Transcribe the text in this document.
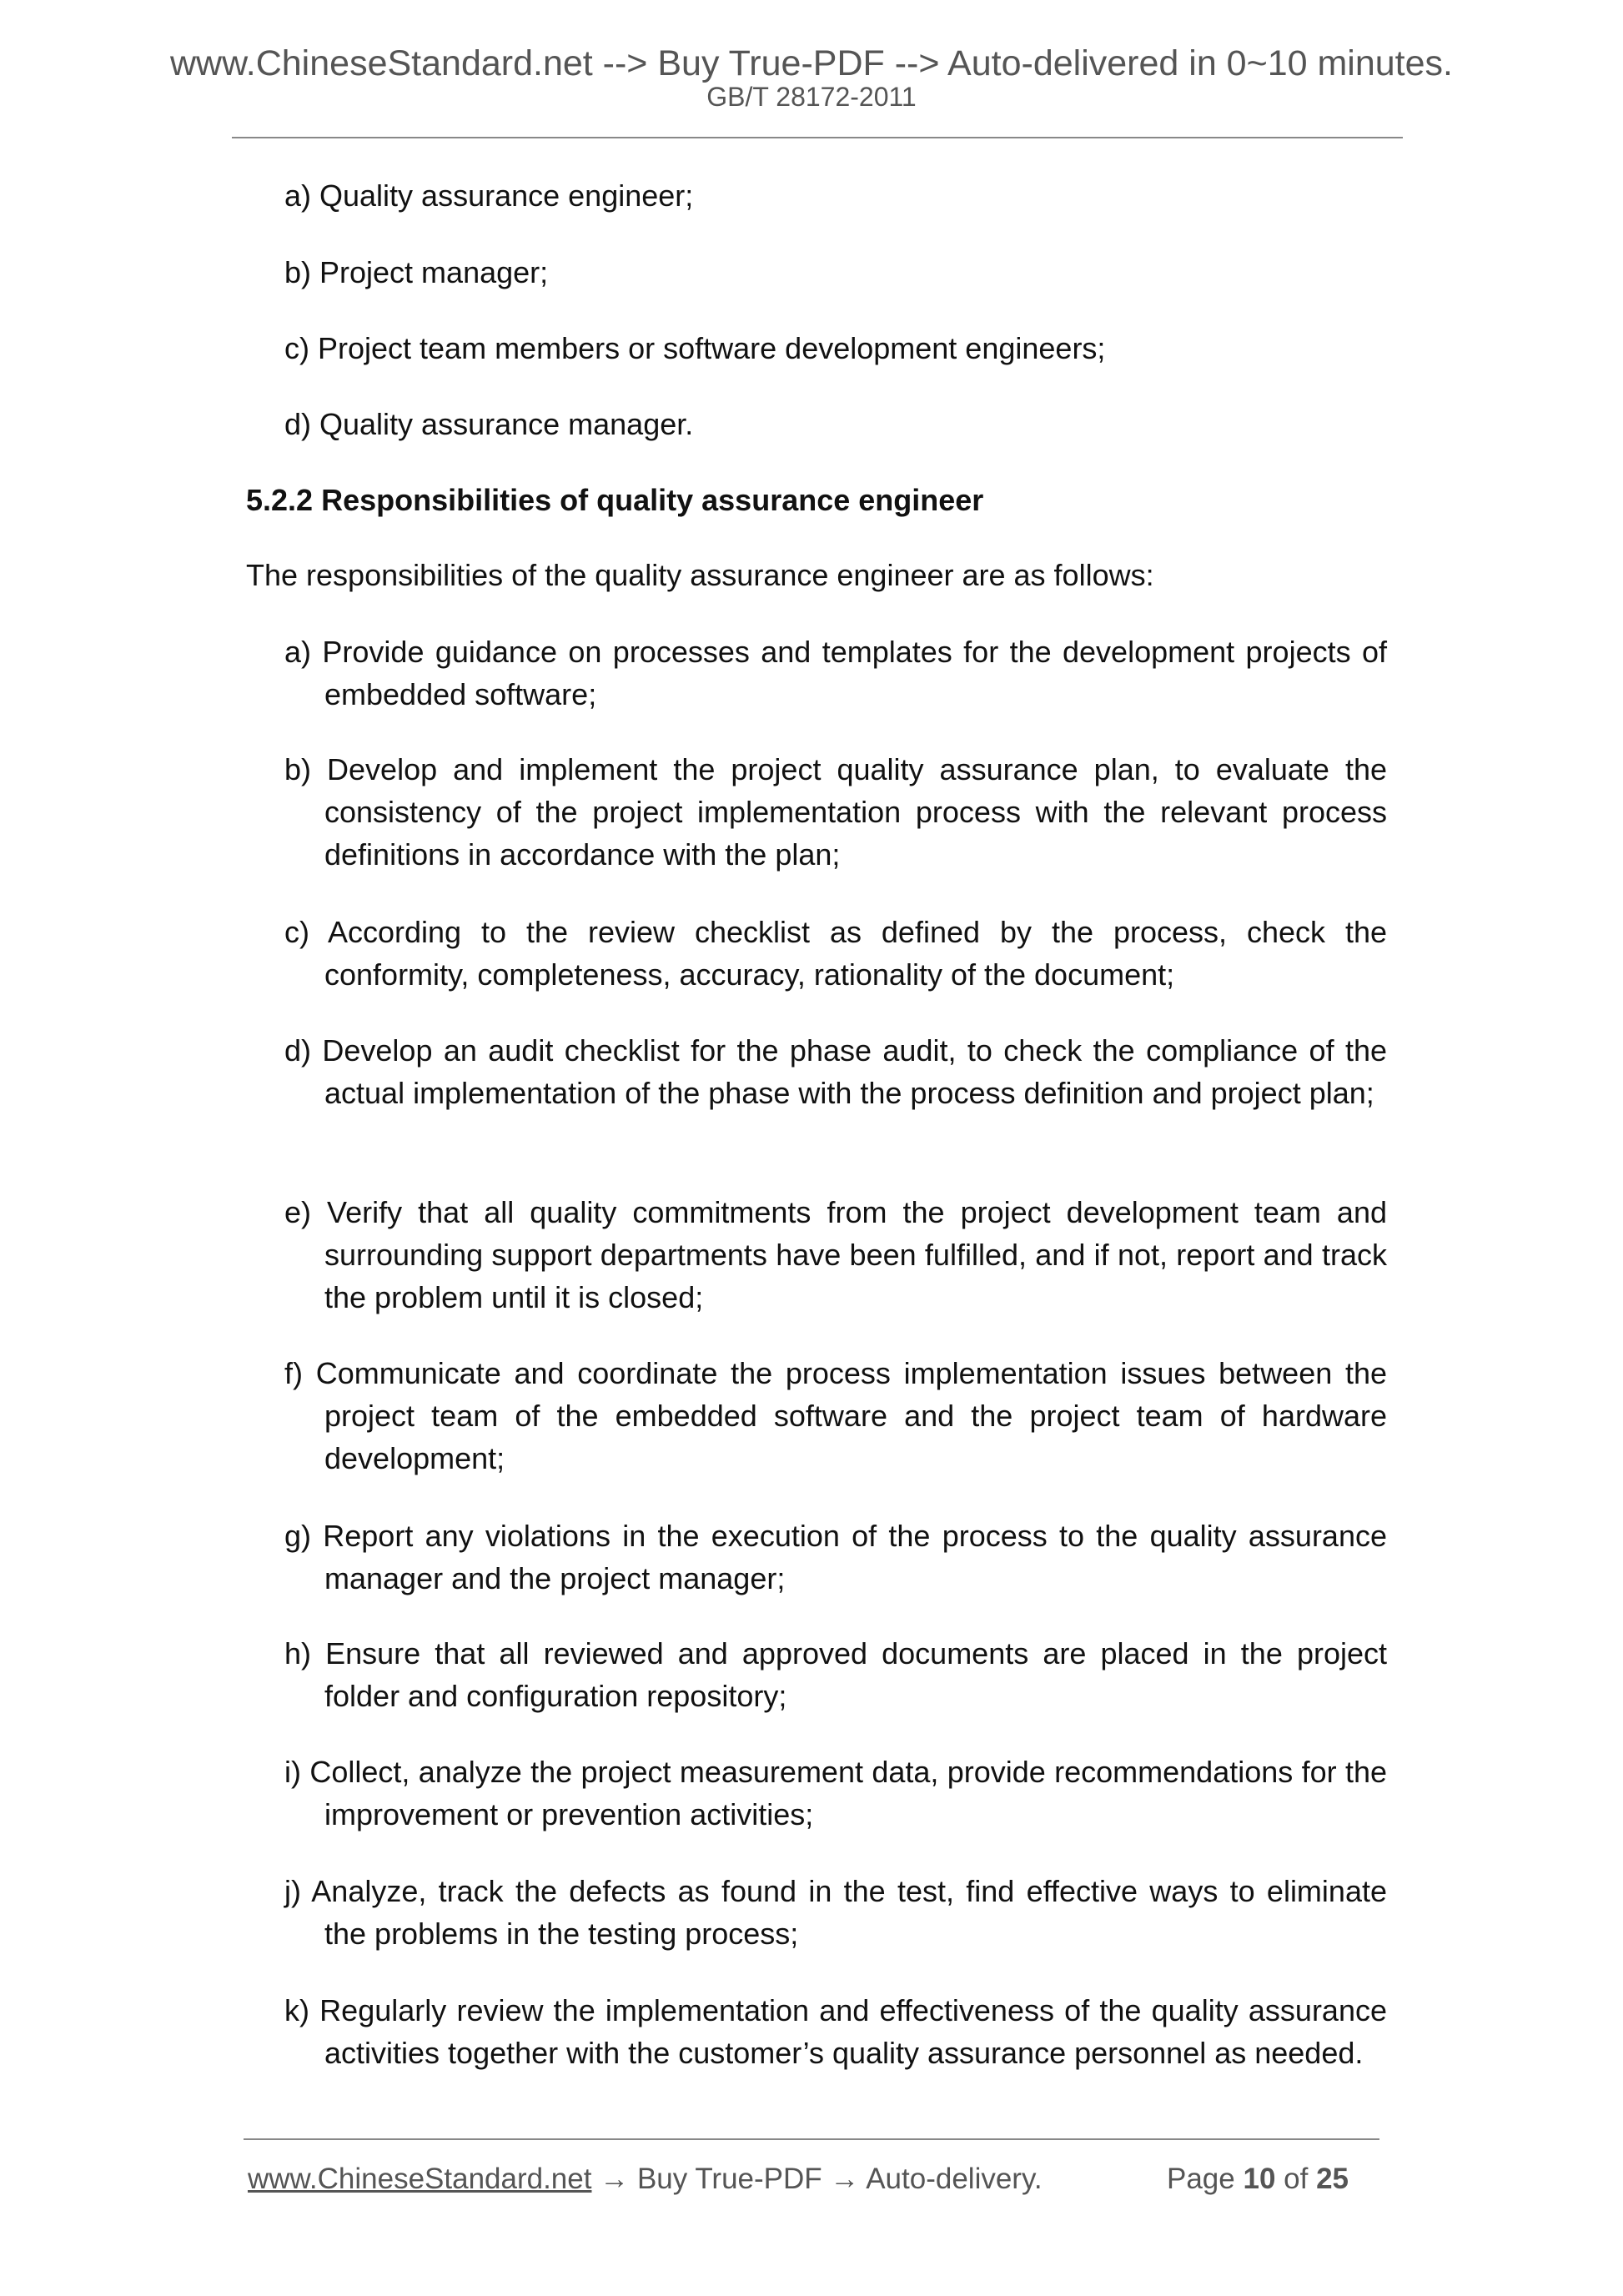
www.ChineseStandard.net --> Buy True-PDF --> Auto-delivered in 0~10 minutes.
GB/T 28172-2011
a) Quality assurance engineer;
b) Project manager;
c) Project team members or software development engineers;
d) Quality assurance manager.
5.2.2 Responsibilities of quality assurance engineer
The responsibilities of the quality assurance engineer are as follows:
a) Provide guidance on processes and templates for the development projects of embedded software;
b) Develop and implement the project quality assurance plan, to evaluate the consistency of the project implementation process with the relevant process definitions in accordance with the plan;
c) According to the review checklist as defined by the process, check the conformity, completeness, accuracy, rationality of the document;
d) Develop an audit checklist for the phase audit, to check the compliance of the actual implementation of the phase with the process definition and project plan;
e) Verify that all quality commitments from the project development team and surrounding support departments have been fulfilled, and if not, report and track the problem until it is closed;
f) Communicate and coordinate the process implementation issues between the project team of the embedded software and the project team of hardware development;
g) Report any violations in the execution of the process to the quality assurance manager and the project manager;
h) Ensure that all reviewed and approved documents are placed in the project folder and configuration repository;
i) Collect, analyze the project measurement data, provide recommendations for the improvement or prevention activities;
j) Analyze, track the defects as found in the test, find effective ways to eliminate the problems in the testing process;
k) Regularly review the implementation and effectiveness of the quality assurance activities together with the customer’s quality assurance personnel as needed.
www.ChineseStandard.net → Buy True-PDF → Auto-delivery.	Page 10 of 25
